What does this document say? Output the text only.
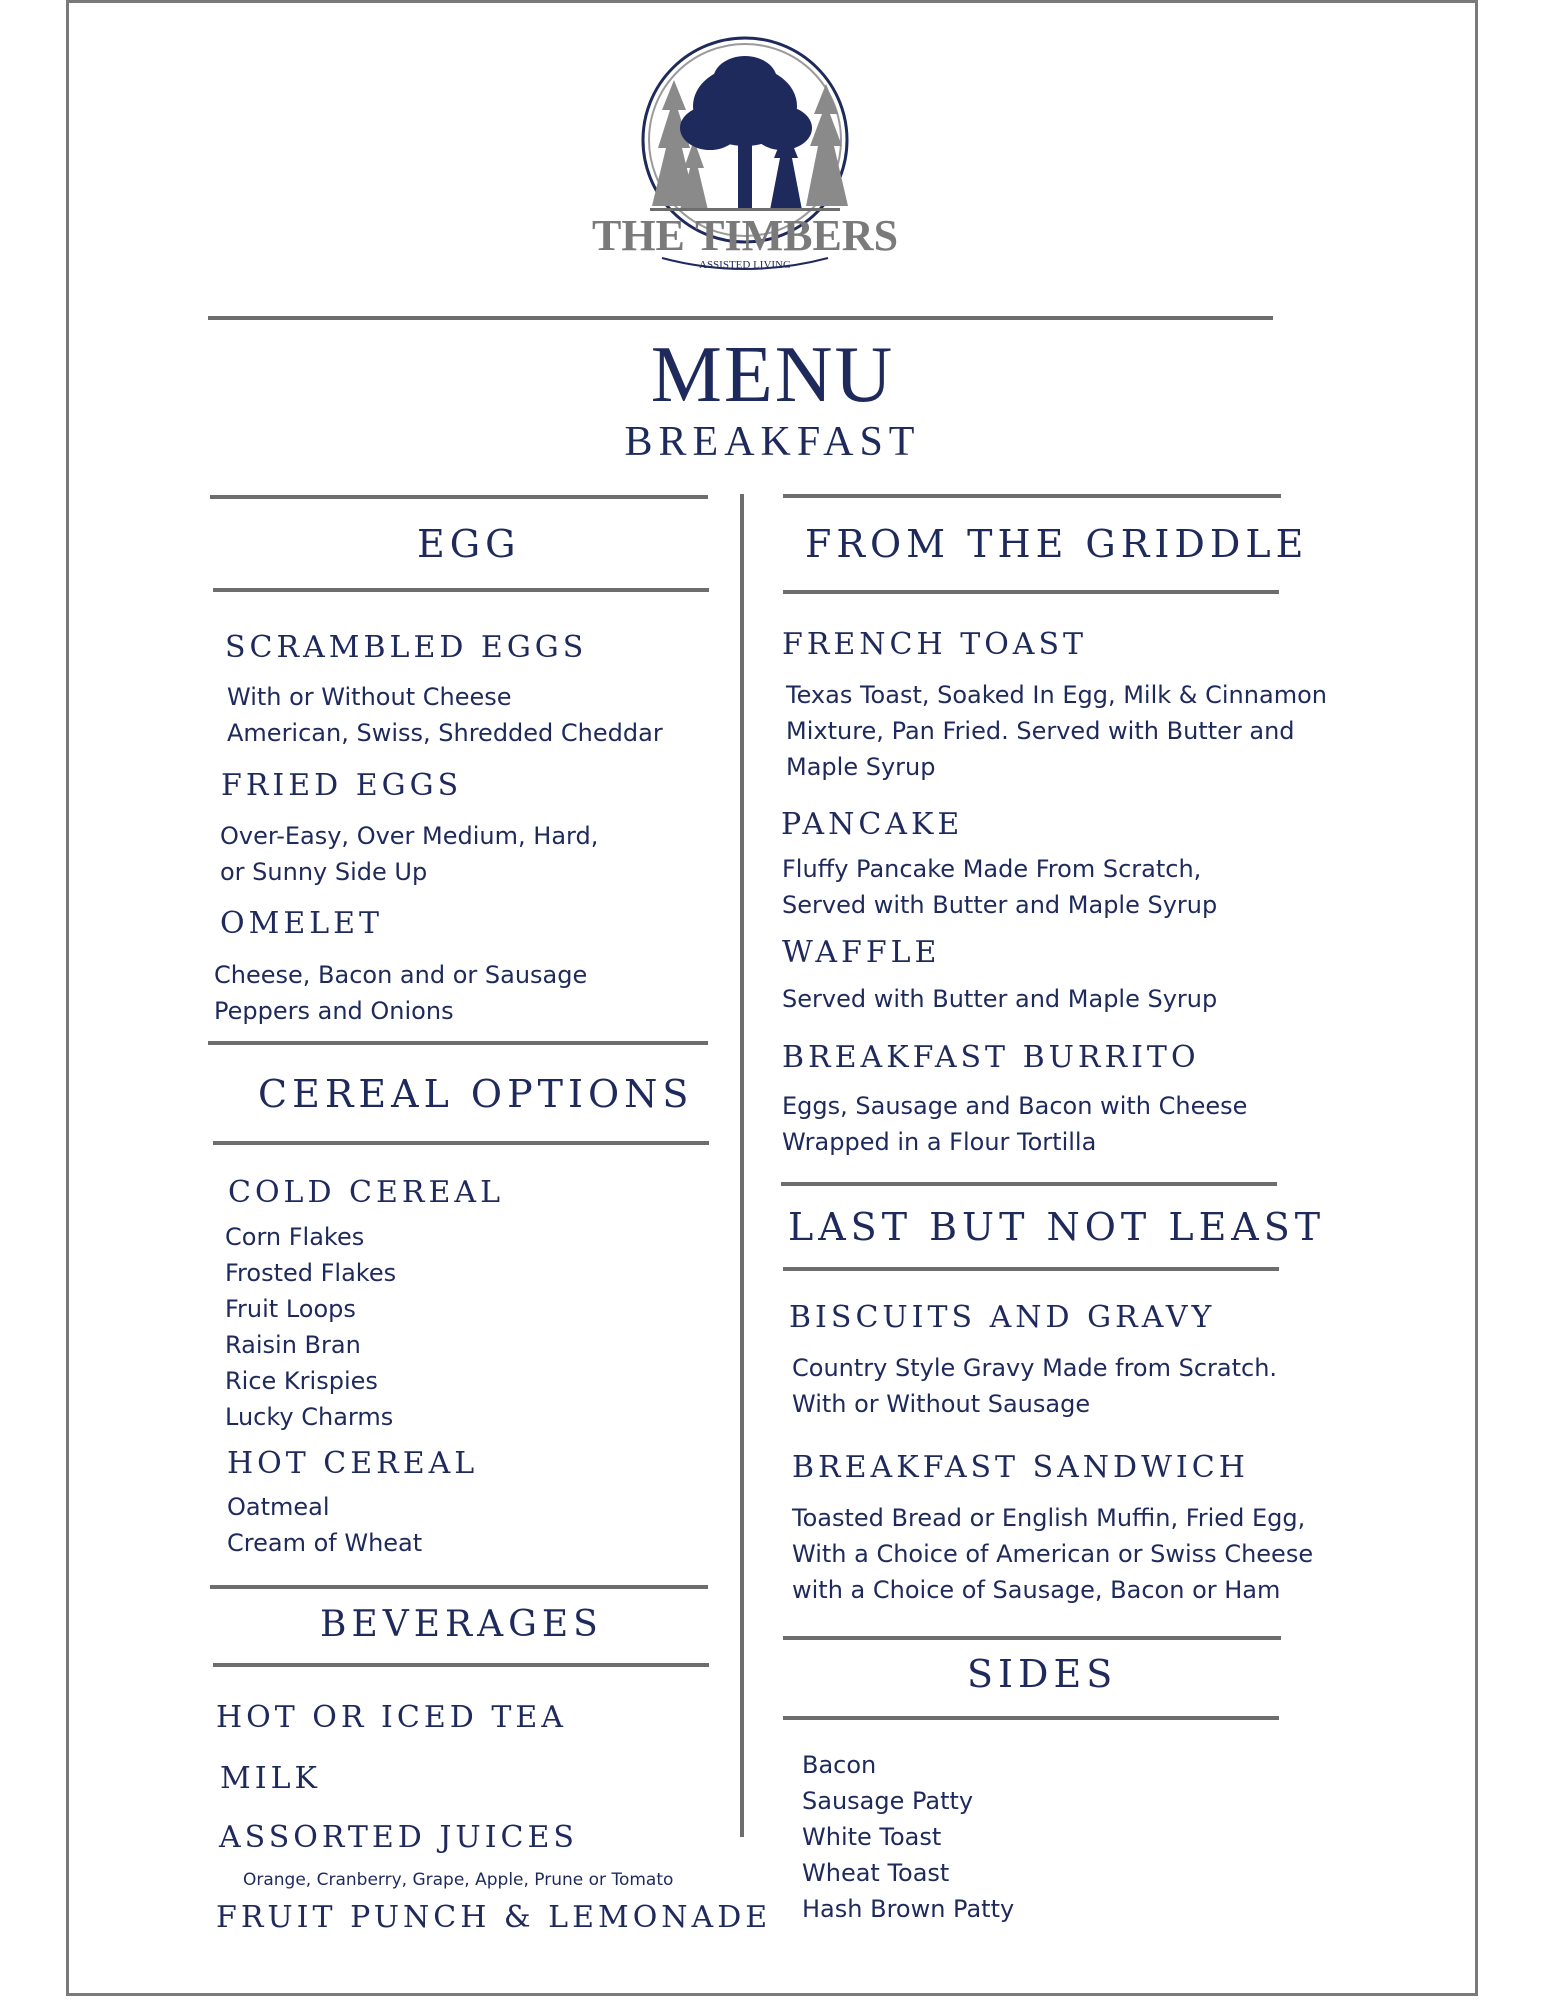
THE TIMBERS
ASSISTED LIVING
MENU
BREAKFAST
EGG
SCRAMBLED EGGS
With or Without Cheese
American, Swiss, Shredded Cheddar
FRIED EGGS
Over-Easy, Over Medium, Hard,
or Sunny Side Up
OMELET
Cheese, Bacon and or Sausage
Peppers and Onions
CEREAL OPTIONS
COLD CEREAL
Corn Flakes
Frosted Flakes
Fruit Loops
Raisin Bran
Rice Krispies
Lucky Charms
HOT CEREAL
Oatmeal
Cream of Wheat
BEVERAGES
HOT OR ICED TEA
MILK
ASSORTED JUICES
Orange, Cranberry, Grape, Apple, Prune or Tomato
FRUIT PUNCH & LEMONADE
FROM THE GRIDDLE
FRENCH TOAST
Texas Toast, Soaked In Egg, Milk & Cinnamon
Mixture, Pan Fried. Served with Butter and
Maple Syrup
PANCAKE
Fluffy Pancake Made From Scratch,
Served with Butter and Maple Syrup
WAFFLE
Served with Butter and Maple Syrup
BREAKFAST BURRITO
Eggs, Sausage and Bacon with Cheese
Wrapped in a Flour Tortilla
LAST BUT NOT LEAST
BISCUITS AND GRAVY
Country Style Gravy Made from Scratch.
With or Without Sausage
BREAKFAST SANDWICH
Toasted Bread or English Muffin, Fried Egg,
With a Choice of American or Swiss Cheese
with a Choice of Sausage, Bacon or Ham
SIDES
Bacon
Sausage Patty
White Toast
Wheat Toast
Hash Brown Patty
